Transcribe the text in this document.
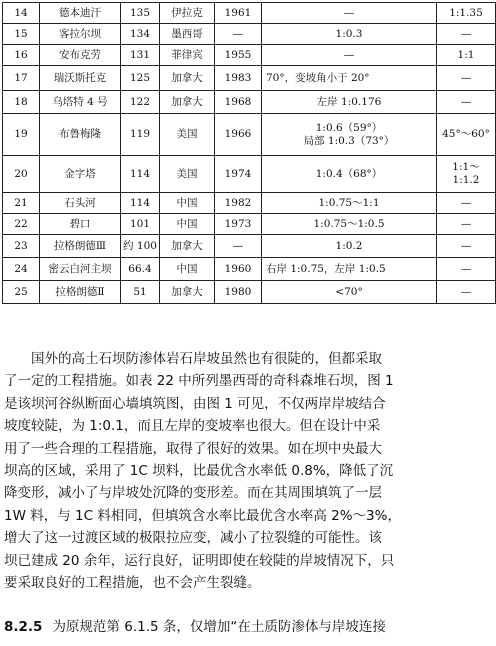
14	德本迪汗	135	伊拉克	1961	—	1:1.35
15	客拉尔坝	134	墨西哥	—	1:0.3	—
16	安布克劳	131	菲律宾	1955	—	1:1
17	瑞沃斯托克	125	加拿大	1983	70°，变坡角小于 20°	—
18	乌塔特 4 号	122	加拿大	1968	左岸 1:0.176	—
19	布鲁梅隆	119	美国	1966	1:0.6（59°）
局部 1:0.3（73°）	45°～60°
20	金字塔	114	美国	1974	1:0.4（68°）	1:1～
1:1.2
21	石头河	114	中国	1982	1:0.75～1:1	—
22	碧口	101	中国	1973	1:0.75～1:0.5	—
23	拉格朗德Ⅲ	约 100	加拿大	—	1:0.2	—
24	密云白河主坝	66.4	中国	1960	右岸 1:0.75，左岸 1:0.5	—
25	拉格朗德Ⅱ	51	加拿大	1980	<70°	—
国外的高土石坝防渗体岩石岸坡虽然也有很陡的，但都采取
了一定的工程措施。如表 22 中所列墨西哥的奇科森堆石坝，图 1
是该坝河谷纵断面心墙填筑图，由图 1 可见，不仅两岸岸坡结合
坡度较陡，为 1:0.1，而且左岸的变坡率也很大。但在设计中采
用了一些合理的工程措施，取得了很好的效果。如在坝中央最大
坝高的区域，采用了 1C 坝料，比最优含水率低 0.8%，降低了沉
降变形，减小了与岸坡处沉降的变形差。而在其周围填筑了一层
1W 料，与 1C 料相同，但填筑含水率比最优含水率高 2%～3%，
增大了这一过渡区域的极限拉应变，减小了拉裂缝的可能性。该
坝已建成 20 余年，运行良好，证明即使在较陡的岸坡情况下，只
要采取良好的工程措施，也不会产生裂缝。
8.2.5 为原规范第 6.1.5 条，仅增加“在土质防渗体与岸坡连接
